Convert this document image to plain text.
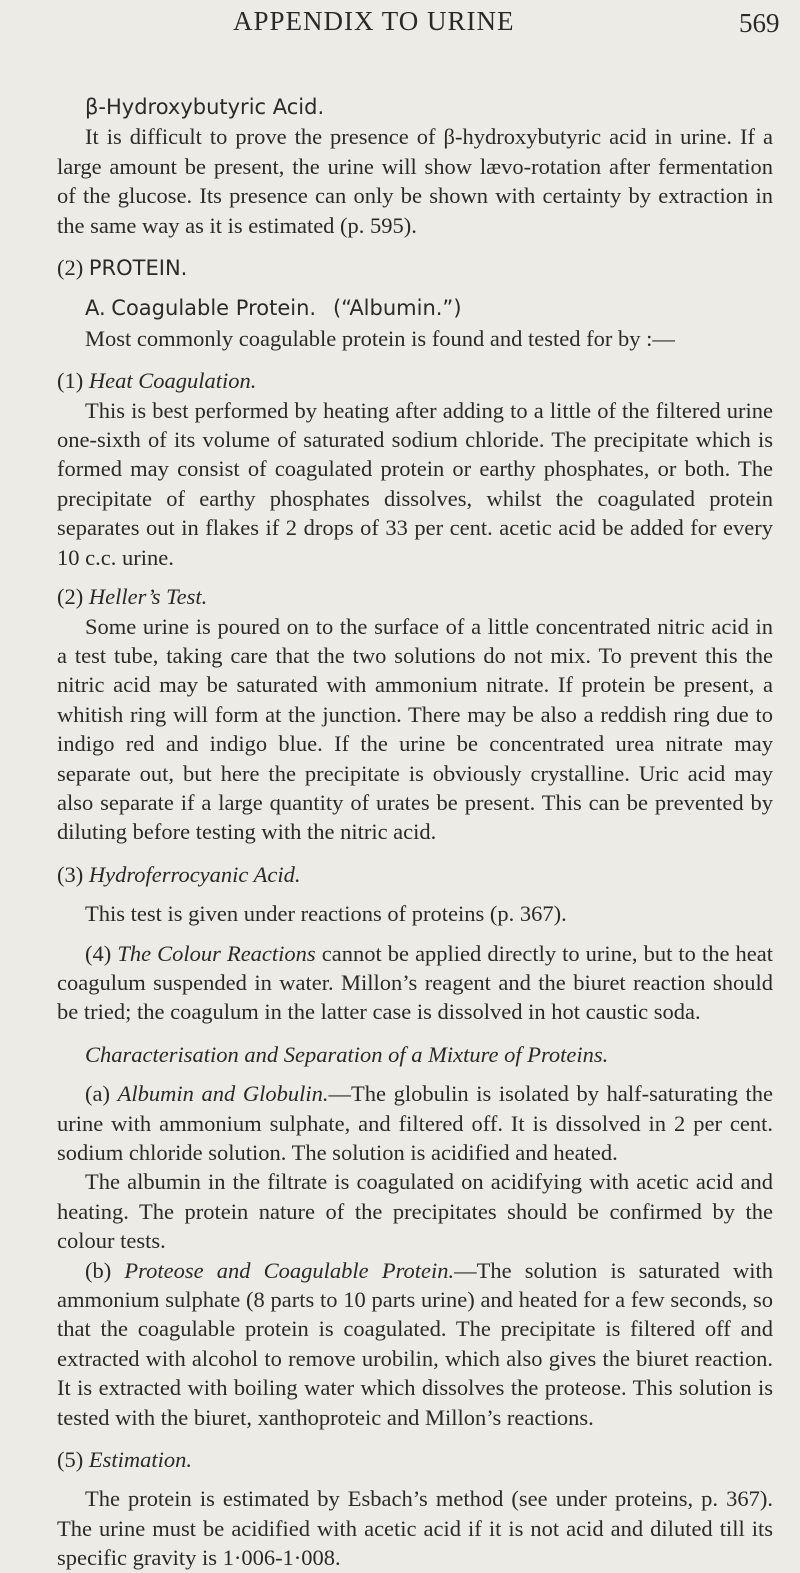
APPENDIX TO URINE	569

β-Hydroxybutyric Acid.

It is difficult to prove the presence of β-hydroxybutyric acid in urine. If a large amount be present, the urine will show lævo-rotation after fermentation of the glucose. Its presence can only be shown with certainty by extraction in the same way as it is estimated (p. 595).

(2) PROTEIN.

A. Coagulable Protein. (“Albumin.”)

Most commonly coagulable protein is found and tested for by :—

(1) Heat Coagulation.

This is best performed by heating after adding to a little of the filtered urine one-sixth of its volume of saturated sodium chloride. The precipitate which is formed may consist of coagulated protein or earthy phosphates, or both. The precipitate of earthy phosphates dissolves, whilst the coagulated protein separates out in flakes if 2 drops of 33 per cent. acetic acid be added for every 10 c.c. urine.

(2) Heller’s Test.

Some urine is poured on to the surface of a little concentrated nitric acid in a test tube, taking care that the two solutions do not mix. To prevent this the nitric acid may be saturated with ammonium nitrate. If protein be present, a whitish ring will form at the junction. There may be also a reddish ring due to indigo red and indigo blue. If the urine be concentrated urea nitrate may separate out, but here the precipitate is obviously crystalline. Uric acid may also separate if a large quantity of urates be present. This can be prevented by diluting before testing with the nitric acid.

(3) Hydroferrocyanic Acid.

This test is given under reactions of proteins (p. 367).

(4) The Colour Reactions cannot be applied directly to urine, but to the heat coagulum suspended in water. Millon’s reagent and the biuret reaction should be tried; the coagulum in the latter case is dissolved in hot caustic soda.

Characterisation and Separation of a Mixture of Proteins.

(a) Albumin and Globulin.—The globulin is isolated by half-saturating the urine with ammonium sulphate, and filtered off. It is dissolved in 2 per cent. sodium chloride solution. The solution is acidified and heated.

The albumin in the filtrate is coagulated on acidifying with acetic acid and heating. The protein nature of the precipitates should be confirmed by the colour tests.

(b) Proteose and Coagulable Protein.—The solution is saturated with ammonium sulphate (8 parts to 10 parts urine) and heated for a few seconds, so that the coagulable protein is coagulated. The precipitate is filtered off and extracted with alcohol to remove urobilin, which also gives the biuret reaction. It is extracted with boiling water which dissolves the proteose. This solution is tested with the biuret, xanthoproteic and Millon’s reactions.

(5) Estimation.

The protein is estimated by Esbach’s method (see under proteins, p. 367). The urine must be acidified with acetic acid if it is not acid and diluted till its specific gravity is 1·006-1·008.
